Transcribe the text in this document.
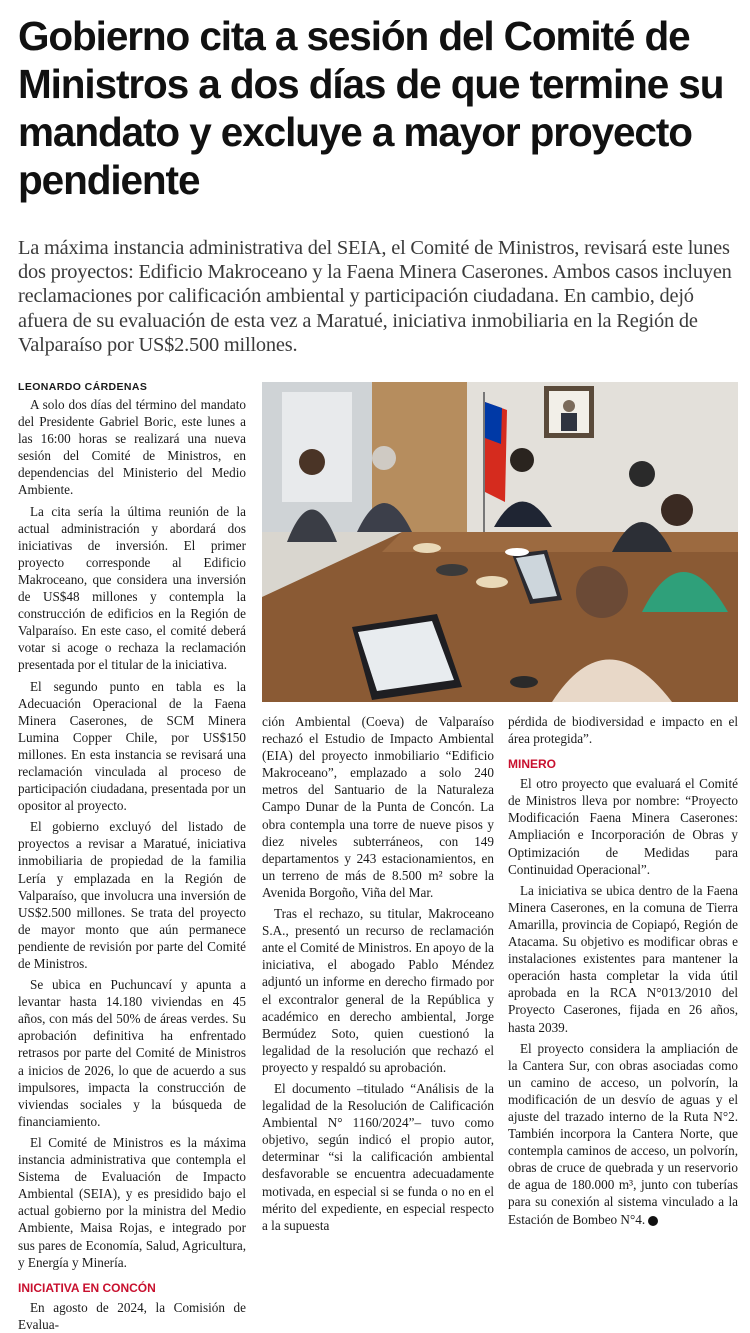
Gobierno cita a sesión del Comité de Ministros a dos días de que termine su mandato y excluye a mayor proyecto pendiente

La máxima instancia administrativa del SEIA, el Comité de Ministros, revisará este lunes dos proyectos: Edificio Makroceano y la Faena Minera Caserones. Ambos casos incluyen reclamaciones por calificación ambiental y participación ciudadana. En cambio, dejó afuera de su evaluación de esta vez a Maratué, iniciativa inmobiliaria en la Región de Valparaíso por US$2.500 millones.

LEONARDO CÁRDENAS

A solo dos días del término del mandato del Presidente Gabriel Boric, este lunes a las 16:00 horas se realizará una nueva sesión del Comité de Ministros, en dependencias del Ministerio del Medio Ambiente.

La cita sería la última reunión de la actual administración y abordará dos iniciativas de inversión. El primer proyecto corresponde al Edificio Makroceano, que considera una inversión de US$48 millones y contempla la construcción de edificios en la Región de Valparaíso. En este caso, el comité deberá votar si acoge o rechaza la reclamación presentada por el titular de la iniciativa.

El segundo punto en tabla es la Adecuación Operacional de la Faena Minera Caserones, de SCM Minera Lumina Copper Chile, por US$150 millones. En esta instancia se revisará una reclamación vinculada al proceso de participación ciudadana, presentada por un opositor al proyecto.

El gobierno excluyó del listado de proyectos a revisar a Maratué, iniciativa inmobiliaria de propiedad de la familia Lería y emplazada en la Región de Valparaíso, que involucra una inversión de US$2.500 millones. Se trata del proyecto de mayor monto que aún permanece pendiente de revisión por parte del Comité de Ministros.

Se ubica en Puchuncaví y apunta a levantar hasta 14.180 viviendas en 45 años, con más del 50% de áreas verdes. Su aprobación definitiva ha enfrentado retrasos por parte del Comité de Ministros a inicios de 2026, lo que de acuerdo a sus impulsores, impacta la construcción de viviendas sociales y la búsqueda de financiamiento.

El Comité de Ministros es la máxima instancia administrativa que contempla el Sistema de Evaluación de Impacto Ambiental (SEIA), y es presidido bajo el actual gobierno por la ministra del Medio Ambiente, Maisa Rojas, e integrado por sus pares de Economía, Salud, Agricultura, y Energía y Minería.

INICIATIVA EN CONCÓN

En agosto de 2024, la Comisión de Evalua-

ción Ambiental (Coeva) de Valparaíso rechazó el Estudio de Impacto Ambiental (EIA) del proyecto inmobiliario “Edificio Makroceano”, emplazado a solo 240 metros del Santuario de la Naturaleza Campo Dunar de la Punta de Concón. La obra contempla una torre de nueve pisos y diez niveles subterráneos, con 149 departamentos y 243 estacionamientos, en un terreno de más de 8.500 m² sobre la Avenida Borgoño, Viña del Mar.

Tras el rechazo, su titular, Makroceano S.A., presentó un recurso de reclamación ante el Comité de Ministros. En apoyo de la iniciativa, el abogado Pablo Méndez adjuntó un informe en derecho firmado por el excontralor general de la República y académico en derecho ambiental, Jorge Bermúdez Soto, quien cuestionó la legalidad de la resolución que rechazó el proyecto y respaldó su aprobación.

El documento –titulado “Análisis de la legalidad de la Resolución de Calificación Ambiental N° 1160/2024”– tuvo como objetivo, según indicó el propio autor, determinar “si la calificación ambiental desfavorable se encuentra adecuadamente motivada, en especial si se funda o no en el mérito del expediente, en especial respecto a la supuesta

pérdida de biodiversidad e impacto en el área protegida”.

MINERO

El otro proyecto que evaluará el Comité de Ministros lleva por nombre: “Proyecto Modificación Faena Minera Caserones: Ampliación e Incorporación de Obras y Optimización de Medidas para Continuidad Operacional”.

La iniciativa se ubica dentro de la Faena Minera Caserones, en la comuna de Tierra Amarilla, provincia de Copiapó, Región de Atacama. Su objetivo es modificar obras e instalaciones existentes para mantener la operación hasta completar la vida útil aprobada en la RCA N°013/2010 del Proyecto Caserones, fijada en 26 años, hasta 2039.

El proyecto considera la ampliación de la Cantera Sur, con obras asociadas como un camino de acceso, un polvorín, la modificación de un desvío de aguas y el ajuste del trazado interno de la Ruta N°2. También incorpora la Cantera Norte, que contempla caminos de acceso, un polvorín, obras de cruce de quebrada y un reservorio de agua de 180.000 m³, junto con tuberías para su conexión al sistema vinculado a la Estación de Bombeo N°4. P
